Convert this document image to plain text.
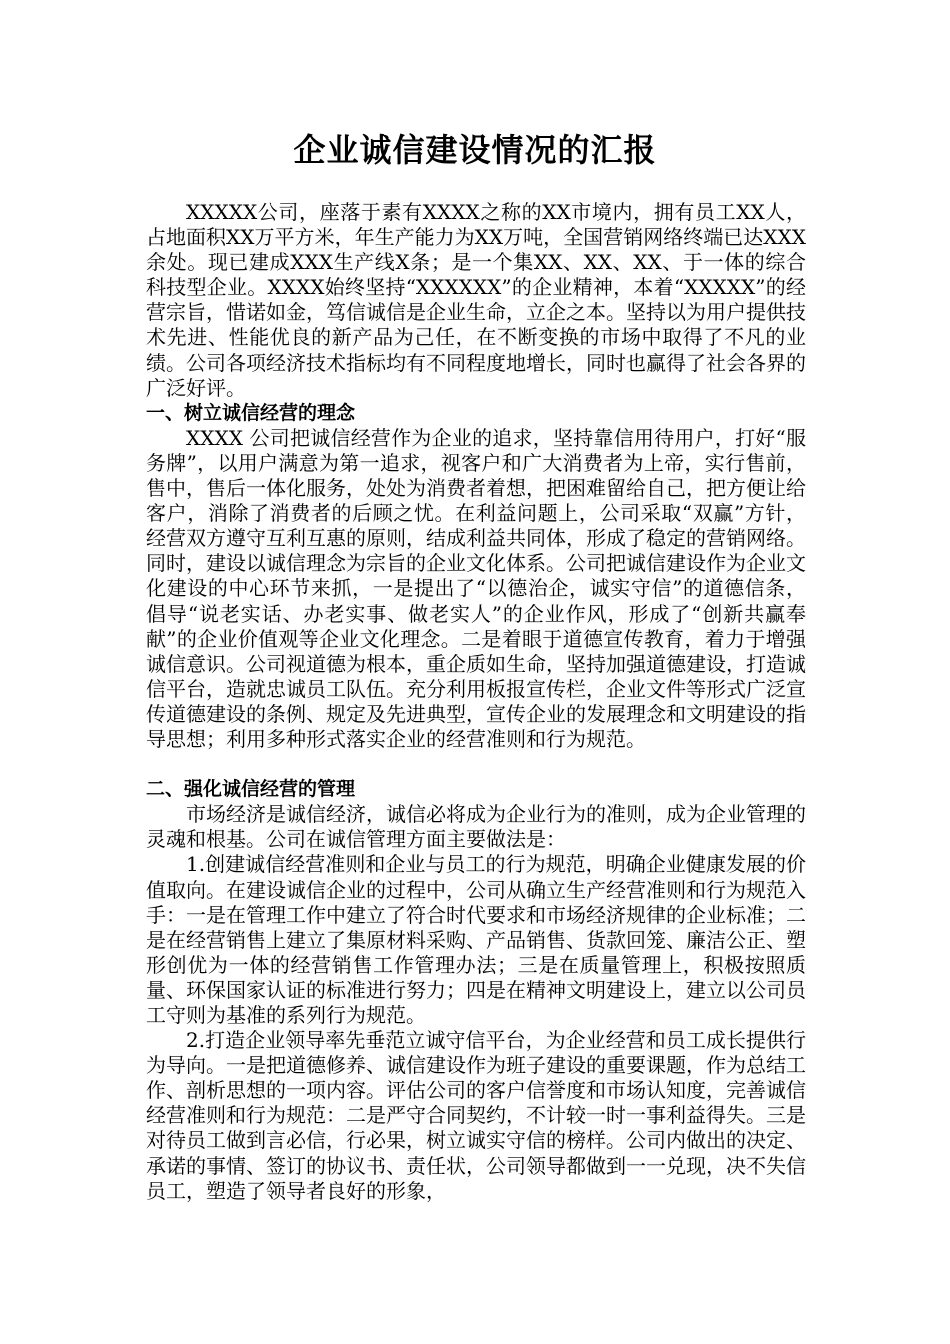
企业诚信建设情况的汇报

XXXXX公司，座落于素有XXXX之称的XX市境内，拥有员工XX人，占地面积XX万平方米，年生产能力为XX万吨，全国营销网络终端已达XXX余处。现已建成XXX生产线X条；是一个集XX、XX、XX、于一体的综合科技型企业。XXXX始终坚持“XXXXXX”的企业精神，本着“XXXXX”的经营宗旨，惜诺如金，笃信诚信是企业生命，立企之本。坚持以为用户提供技术先进、性能优良的新产品为己任，在不断变换的市场中取得了不凡的业绩。公司各项经济技术指标均有不同程度地增长，同时也赢得了社会各界的广泛好评。

一、树立诚信经营的理念

XXXX 公司把诚信经营作为企业的追求，坚持靠信用待用户，打好“服务牌”，以用户满意为第一追求，视客户和广大消费者为上帝，实行售前，售中，售后一体化服务，处处为消费者着想，把困难留给自己，把方便让给客户，消除了消费者的后顾之忧。在利益问题上，公司采取“双赢”方针，经营双方遵守互利互惠的原则，结成利益共同体，形成了稳定的营销网络。同时，建设以诚信理念为宗旨的企业文化体系。公司把诚信建设作为企业文化建设的中心环节来抓，一是提出了“以德治企，诚实守信”的道德信条，倡导“说老实话、办老实事、做老实人”的企业作风，形成了“创新共赢奉献”的企业价值观等企业文化理念。二是着眼于道德宣传教育，着力于增强诚信意识。公司视道德为根本，重企质如生命，坚持加强道德建设，打造诚信平台，造就忠诚员工队伍。充分利用板报宣传栏，企业文件等形式广泛宣传道德建设的条例、规定及先进典型，宣传企业的发展理念和文明建设的指导思想；利用多种形式落实企业的经营准则和行为规范。

二、强化诚信经营的管理

市场经济是诚信经济，诚信必将成为企业行为的准则，成为企业管理的灵魂和根基。公司在诚信管理方面主要做法是：

1.创建诚信经营准则和企业与员工的行为规范，明确企业健康发展的价值取向。在建设诚信企业的过程中，公司从确立生产经营准则和行为规范入手：一是在管理工作中建立了符合时代要求和市场经济规律的企业标准；二是在经营销售上建立了集原材料采购、产品销售、货款回笼、廉洁公正、塑形创优为一体的经营销售工作管理办法；三是在质量管理上，积极按照质量、环保国家认证的标准进行努力；四是在精神文明建设上，建立以公司员工守则为基准的系列行为规范。

2.打造企业领导率先垂范立诚守信平台，为企业经营和员工成长提供行为导向。一是把道德修养、诚信建设作为班子建设的重要课题，作为总结工作、剖析思想的一项内容。评估公司的客户信誉度和市场认知度，完善诚信经营准则和行为规范：二是严守合同契约，不计较一时一事利益得失。三是对待员工做到言必信，行必果，树立诚实守信的榜样。公司内做出的决定、承诺的事情、签订的协议书、责任状，公司领导都做到一一兑现，决不失信员工，塑造了领导者良好的形象，
